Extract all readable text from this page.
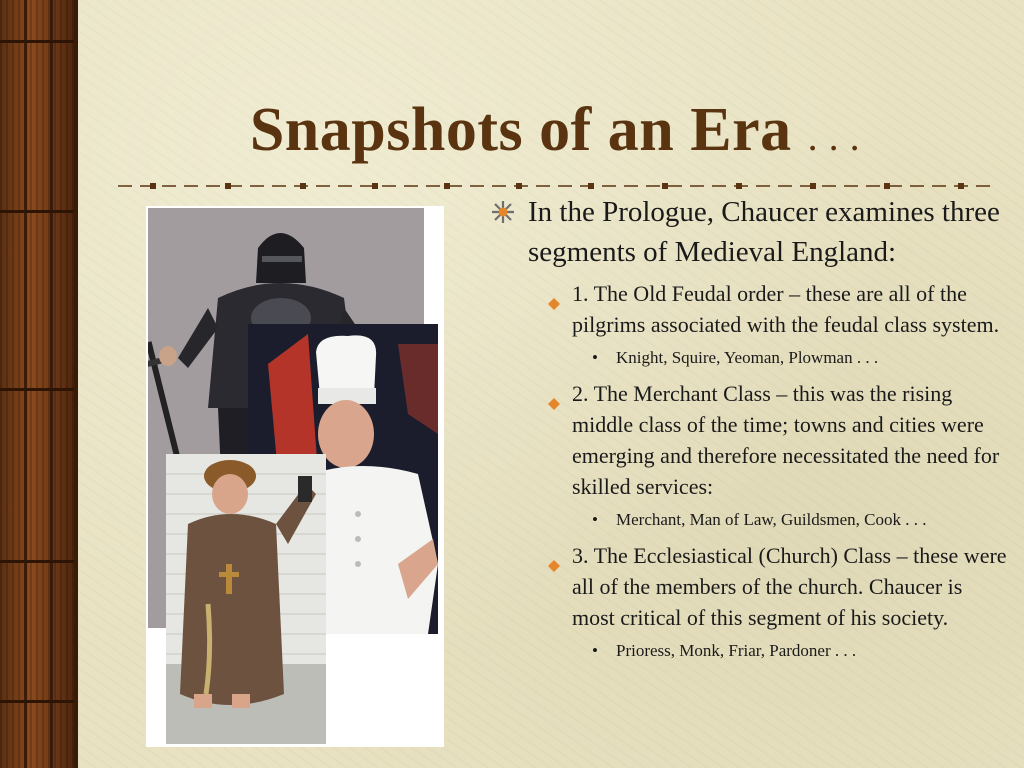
Snapshots of an Era . . .
In the Prologue, Chaucer examines three segments of Medieval England:
1. The Old Feudal order – these are all of the pilgrims associated with the feudal class system.
• Knight, Squire, Yeoman, Plowman . . .
2. The Merchant Class – this was the rising middle class of the time; towns and cities were emerging and therefore necessitated the need for skilled services:
• Merchant, Man of Law, Guildsmen, Cook . . .
3. The Ecclesiastical (Church) Class – these were all of the members of the church. Chaucer is most critical of this segment of his society.
• Prioress, Monk, Friar, Pardoner . . .
